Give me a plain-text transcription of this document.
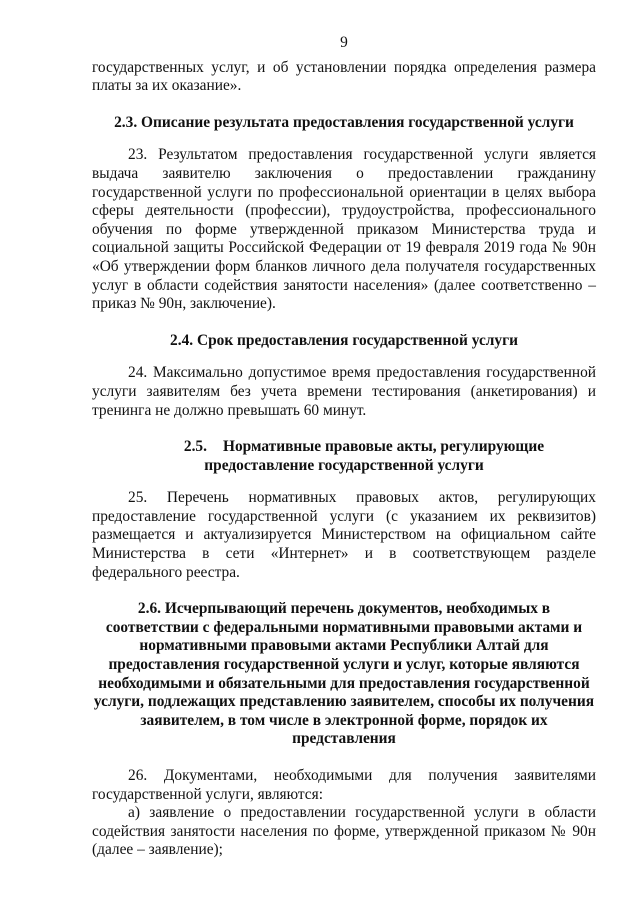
9

государственных услуг, и об установлении порядка определения размера платы за их оказание».

2.3. Описание результата предоставления государственной услуги

23. Результатом предоставления государственной услуги является выдача заявителю заключения о предоставлении гражданину государственной услуги по профессиональной ориентации в целях выбора сферы деятельности (профессии), трудоустройства, профессионального обучения по форме утвержденной приказом Министерства труда и социальной защиты Российской Федерации от 19 февраля 2019 года № 90н «Об утверждении форм бланков личного дела получателя государственных услуг в области содействия занятости населения» (далее соответственно – приказ № 90н, заключение).

2.4. Срок предоставления государственной услуги

24. Максимально допустимое время предоставления государственной услуги заявителям без учета времени тестирования (анкетирования) и тренинга не должно превышать 60 минут.

2.5. Нормативные правовые акты, регулирующие
предоставление государственной услуги

25. Перечень нормативных правовых актов, регулирующих предоставление государственной услуги (с указанием их реквизитов) размещается и актуализируется Министерством на официальном сайте Министерства в сети «Интернет» и в соответствующем разделе федерального реестра.

2.6. Исчерпывающий перечень документов, необходимых в
соответствии с федеральными нормативными правовыми актами и
нормативными правовыми актами Республики Алтай для
предоставления государственной услуги и услуг, которые являются
необходимыми и обязательными для предоставления государственной
услуги, подлежащих представлению заявителем, способы их получения
заявителем, в том числе в электронной форме, порядок их
представления

26. Документами, необходимыми для получения заявителями государственной услуги, являются:

а) заявление о предоставлении государственной услуги в области содействия занятости населения по форме, утвержденной приказом № 90н (далее – заявление);
